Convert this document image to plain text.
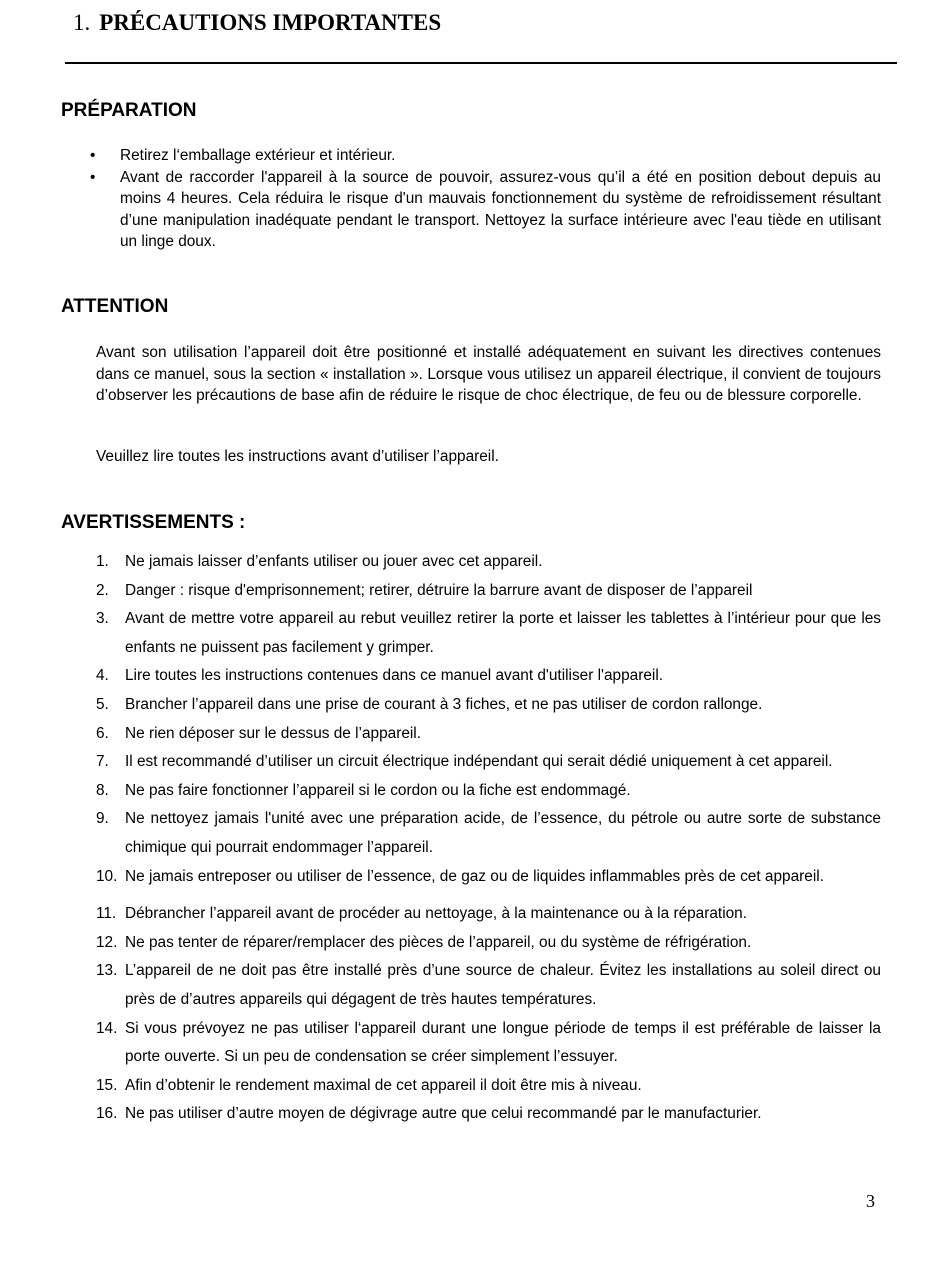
1. PRÉCAUTIONS IMPORTANTES
PRÉPARATION
• Retirez l‘emballage extérieur et intérieur.
• Avant de raccorder l'appareil à la source de pouvoir, assurez-vous qu’il a été en position debout depuis au moins 4 heures. Cela réduira le risque d'un mauvais fonctionnement du système de refroidissement résultant d’une manipulation inadéquate pendant le transport. Nettoyez la surface intérieure avec l'eau tiède en utilisant un linge doux.
ATTENTION

Avant son utilisation l’appareil doit être positionné et installé adéquatement en suivant les directives contenues dans ce manuel, sous la section « installation ». Lorsque vous utilisez un appareil électrique, il convient de toujours d’observer les précautions de base afin de réduire le risque de choc électrique, de feu ou de blessure corporelle.

Veuillez lire toutes les instructions avant d’utiliser l’appareil.

AVERTISSEMENTS :
1. Ne jamais laisser d’enfants utiliser ou jouer avec cet appareil.
2. Danger : risque d'emprisonnement; retirer, détruire la barrure avant de disposer de l’appareil
3. Avant de mettre votre appareil au rebut veuillez retirer la porte et laisser les tablettes à l’intérieur pour que les enfants ne puissent pas facilement y grimper.
4. Lire toutes les instructions contenues dans ce manuel avant d'utiliser l'appareil.
5. Brancher l’appareil dans une prise de courant à 3 fiches, et ne pas utiliser de cordon rallonge.
6. Ne rien déposer sur le dessus de l’appareil.
7. Il est recommandé d’utiliser un circuit électrique indépendant qui serait dédié uniquement à cet appareil.
8. Ne pas faire fonctionner l’appareil si le cordon ou la fiche est endommagé.
9. Ne nettoyez jamais l'unité avec une préparation acide, de l’essence, du pétrole ou autre sorte de substance chimique qui pourrait endommager l’appareil.
10. Ne jamais entreposer ou utiliser de l’essence, de gaz ou de liquides inflammables près de cet appareil.
11. Débrancher l’appareil avant de procéder au nettoyage, à la maintenance ou à la réparation.
12. Ne pas tenter de réparer/remplacer des pièces de l’appareil, ou du système de réfrigération.
13. L’appareil de ne doit pas être installé près d’une source de chaleur. Évitez les installations au soleil direct ou près de d’autres appareils qui dégagent de très hautes températures.
14. Si vous prévoyez ne pas utiliser l‘appareil durant une longue période de temps il est préférable de laisser la porte ouverte. Si un peu de condensation se créer simplement l’essuyer.
15. Afin d’obtenir le rendement maximal de cet appareil il doit être mis à niveau.
16. Ne pas utiliser d’autre moyen de dégivrage autre que celui recommandé par le manufacturier.
3
